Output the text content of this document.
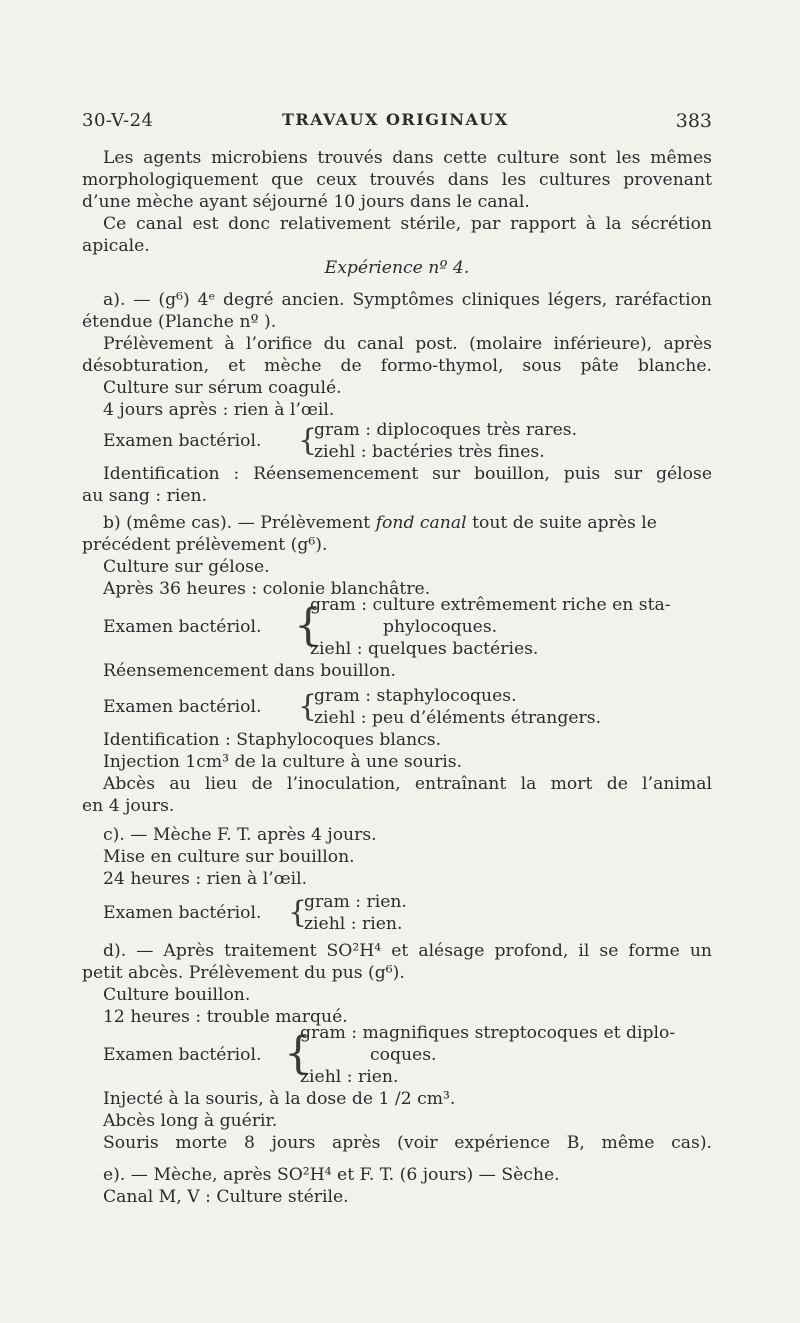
30-V-24	TRAVAUX ORIGINAUX	383
Les agents microbiens trouvés dans cette culture sont les mêmes
morphologiquement que ceux trouvés dans les cultures provenant
d’une mèche ayant séjourné 10 jours dans le canal.
Ce canal est donc relativement stérile, par rapport à la sécrétion
apicale.
Expérience nº 4.
a). — (g⁶) 4ᵉ degré ancien. Symptômes cliniques légers, raréfaction
étendue (Planche nº ).
Prélèvement à l’orifice du canal post. (molaire inférieure), après
désobturation, et mèche de formo-thymol, sous pâte blanche.
Culture sur sérum coagulé.
4 jours après : rien à l’œil.
Examen bactériol. {
gram : diplocoques très rares.
ziehl : bactéries très fines.
Identification : Réensemencement sur bouillon, puis sur gélose
au sang : rien.
b) (même cas). — Prélèvement fond canal tout de suite après le
précédent prélèvement (g⁶).
Culture sur gélose.
Après 36 heures : colonie blanchâtre.
Examen bactériol. {
gram : culture extrêmement riche en sta-
phylocoques.
ziehl : quelques bactéries.
Réensemencement dans bouillon.
Examen bactériol. {
gram : staphylocoques.
ziehl : peu d’éléments étrangers.
Identification : Staphylocoques blancs.
Injection 1cm³ de la culture à une souris.
Abcès au lieu de l’inoculation, entraînant la mort de l’animal
en 4 jours.
c). — Mèche F. T. après 4 jours.
Mise en culture sur bouillon.
24 heures : rien à l’œil.
Examen bactériol. {
gram : rien.
ziehl : rien.
d). — Après traitement SO²H⁴ et alésage profond, il se forme un
petit abcès. Prélèvement du pus (g⁶).
Culture bouillon.
12 heures : trouble marqué.
Examen bactériol. {
gram : magnifiques streptocoques et diplo-
coques.
ziehl : rien.
Injecté à la souris, à la dose de 1 /2 cm³.
Abcès long à guérir.
Souris morte 8 jours après (voir expérience B, même cas).
e). — Mèche, après SO²H⁴ et F. T. (6 jours) — Sèche.
Canal M, V : Culture stérile.
